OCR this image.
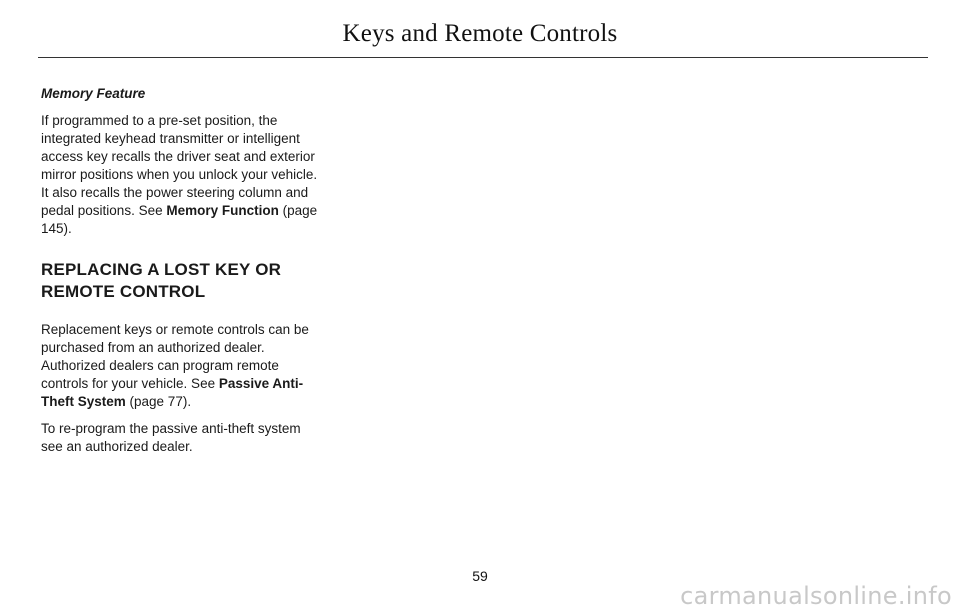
Keys and Remote Controls

Memory Feature

If programmed to a pre-set position, the integrated keyhead transmitter or intelligent access key recalls the driver seat and exterior mirror positions when you unlock your vehicle. It also recalls the power steering column and pedal positions. See Memory Function (page 145).

REPLACING A LOST KEY OR
REMOTE CONTROL

Replacement keys or remote controls can be purchased from an authorized dealer. Authorized dealers can program remote controls for your vehicle. See Passive Anti-Theft System (page 77).

To re-program the passive anti-theft system see an authorized dealer.

59
carmanualsonline.info
